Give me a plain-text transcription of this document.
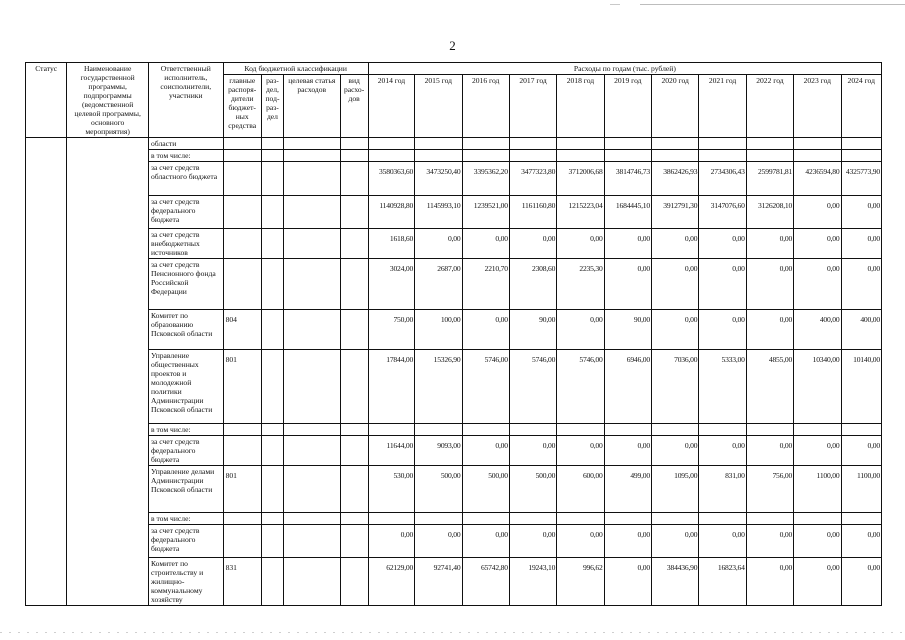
2
Статус	Наименование государственной программы, подпрограммы (ведомственной целевой программы, основного мероприятия)	Ответственный исполнитель, соисполнители, участники	Код бюджетной классификации				Расходы по годам (тыс. рублей)										
			главные распоря-дители бюджет-ных средства	раз-дел, под-раз-дел	целевая статья расходов	вид расхо-дов	2014 год	2015 год	2016 год	2017 год	2018 год	2019 год	2020 год	2021 год	2022 год	2023 год	2024 год
		области															
		в том числе:															
		за счет средств областного бюджета					3580363,60	3473250,40	3395362,20	3477323,80	3712006,68	3814746,73	3862426,93	2734306,43	2599781,81	4236594,80	4325773,90
		за счет средств федерального бюджета					1140928,80	1145993,10	1239521,00	1161160,80	1215223,04	1684445,10	3912791,30	3147076,60	3126208,10	0,00	0,00
		за счет средств внебюджетных источников					1618,60	0,00	0,00	0,00	0,00	0,00	0,00	0,00	0,00	0,00	0,00
		за счет средств Пенсионного фонда Российской Федерации					3024,00	2687,00	2210,70	2308,60	2235,30	0,00	0,00	0,00	0,00	0,00	0,00
		Комитет по образованию Псковской области	804				750,00	100,00	0,00	90,00	0,00	90,00	0,00	0,00	0,00	400,00	400,00
		Управление общественных проектов и молодежной политики Администрации Псковской области	801				17844,00	15326,90	5746,00	5746,00	5746,00	6946,00	7036,00	5333,00	4855,00	10340,00	10140,00
		в том числе:															
		за счет средств федерального бюджета					11644,00	9093,00	0,00	0,00	0,00	0,00	0,00	0,00	0,00	0,00	0,00
		Управление делами Администрации Псковской области	801				530,00	500,00	500,00	500,00	600,00	499,00	1095,00	831,00	756,00	1100,00	1100,00
		в том числе:															
		за счет средств федерального бюджета					0,00	0,00	0,00	0,00	0,00	0,00	0,00	0,00	0,00	0,00	0,00
		Комитет по строительству и жилищно-коммунальному хозяйству	831				62129,00	92741,40	65742,80	19243,10	996,62	0,00	384436,90	16823,64	0,00	0,00	0,00
